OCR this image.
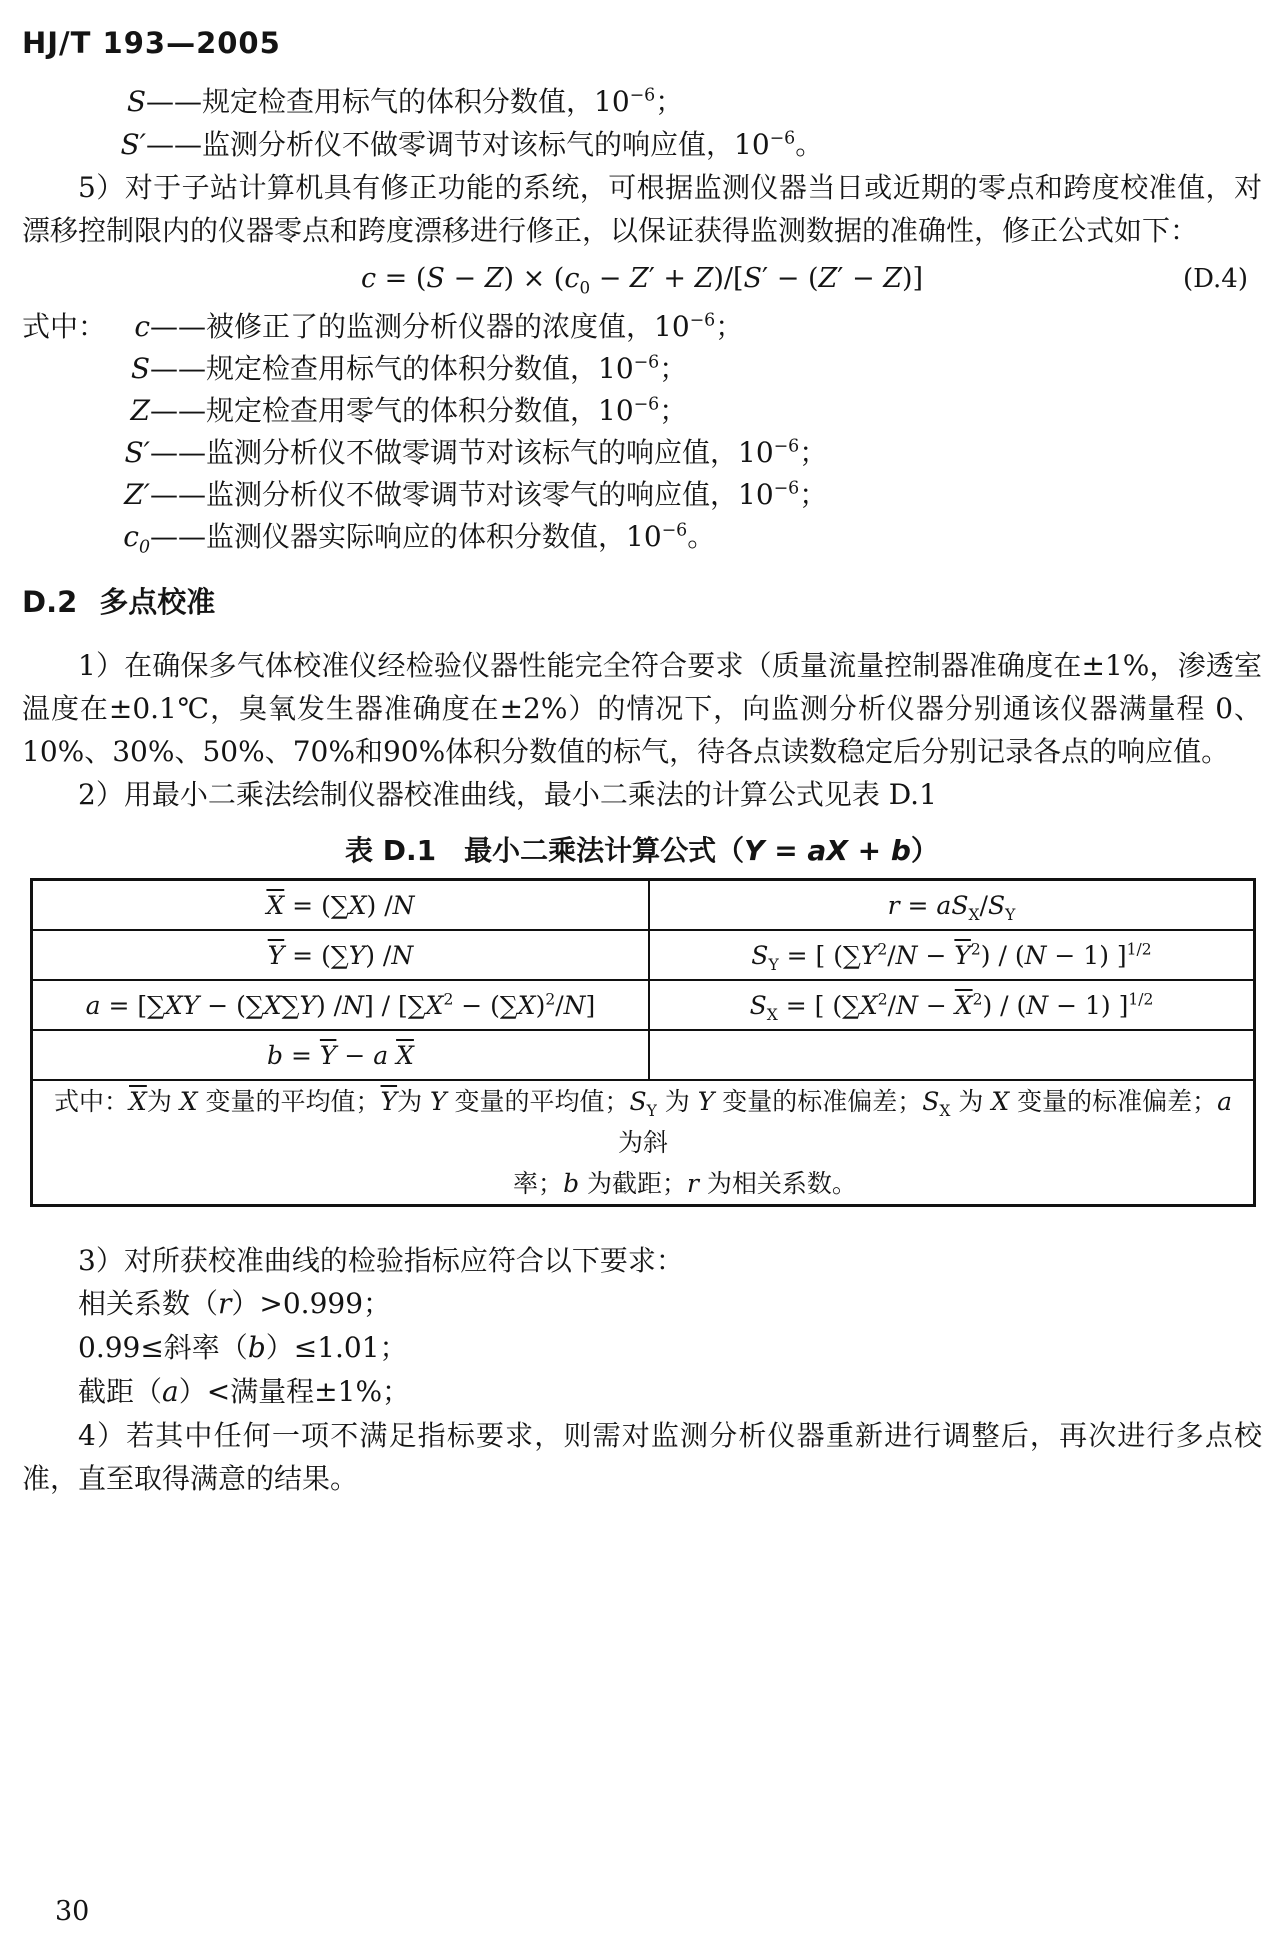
HJ/T 193—2005
S——规定检查用标气的体积分数值，$10^{-6}$；
S′——监测分析仪不做零调节对该标气的响应值，$10^{-6}$。
5）对于子站计算机具有修正功能的系统，可根据监测仪器当日或近期的零点和跨度校准值，对漂移控制限内的仪器零点和跨度漂移进行修正，以保证获得监测数据的准确性，修正公式如下：
$c = (S - Z) \times (c_0 - Z' + Z)/[S' - (Z' - Z)]$	(D.4)
式中： c——被修正了的监测分析仪器的浓度值，$10^{-6}$；
S——规定检查用标气的体积分数值，$10^{-6}$；
Z——规定检查用零气的体积分数值，$10^{-6}$；
S′——监测分析仪不做零调节对该标气的响应值，$10^{-6}$；
Z′——监测分析仪不做零调节对该零气的响应值，$10^{-6}$；
$c_0——$监测仪器实际响应的体积分数值，$10^{-6}$。
D.2 多点校准
1）在确保多气体校准仪经检验仪器性能完全符合要求（质量流量控制器准确度在±1%，渗透室温度在±0.1℃，臭氧发生器准确度在±2%）的情况下，向监测分析仪器分别通该仪器满量程 0、10%、30%、50%、70%和90%体积分数值的标气，待各点读数稳定后分别记录各点的响应值。
2）用最小二乘法绘制仪器校准曲线，最小二乘法的计算公式见表 D.1
表 D.1　最小二乘法计算公式（Y = aX + b）
$\overline{X} = (\sum X)$ /N	$r = aS_X/S_Y$
$\overline{Y} = (\sum Y)$ /N	$S_Y$ = [ $(\sum Y^2/N - \overline{Y}^2) / (N - 1)$ ]$^{1/2}$
a = [∑XY − (∑X∑Y) $/N] / [\sum X^2 - (\sum X)^2/N]$	$S_X$ = [ $(\sum X^2/N - \overline{X}^2) / (N - 1)$ ]$^{1/2}$
$b = \overline{Y} - a$ $\overline{X}$	

式中：$\overline{X}$为 X 变量的平均值；$\overline{Y}$为 Y 变量的平均值；$S_Y$ 为 Y 变量的标准偏差；$S_X$ 为 X 变量的标准偏差；a 为斜
率；b 为截距；r 为相关系数。	
3）对所获校准曲线的检验指标应符合以下要求：
相关系数（r）>0.999；
0.99≤斜率（b）≤1.01；
截距（a）<满量程±1%；
4）若其中任何一项不满足指标要求，则需对监测分析仪器重新进行调整后，再次进行多点校准，直至取得满意的结果。
30
